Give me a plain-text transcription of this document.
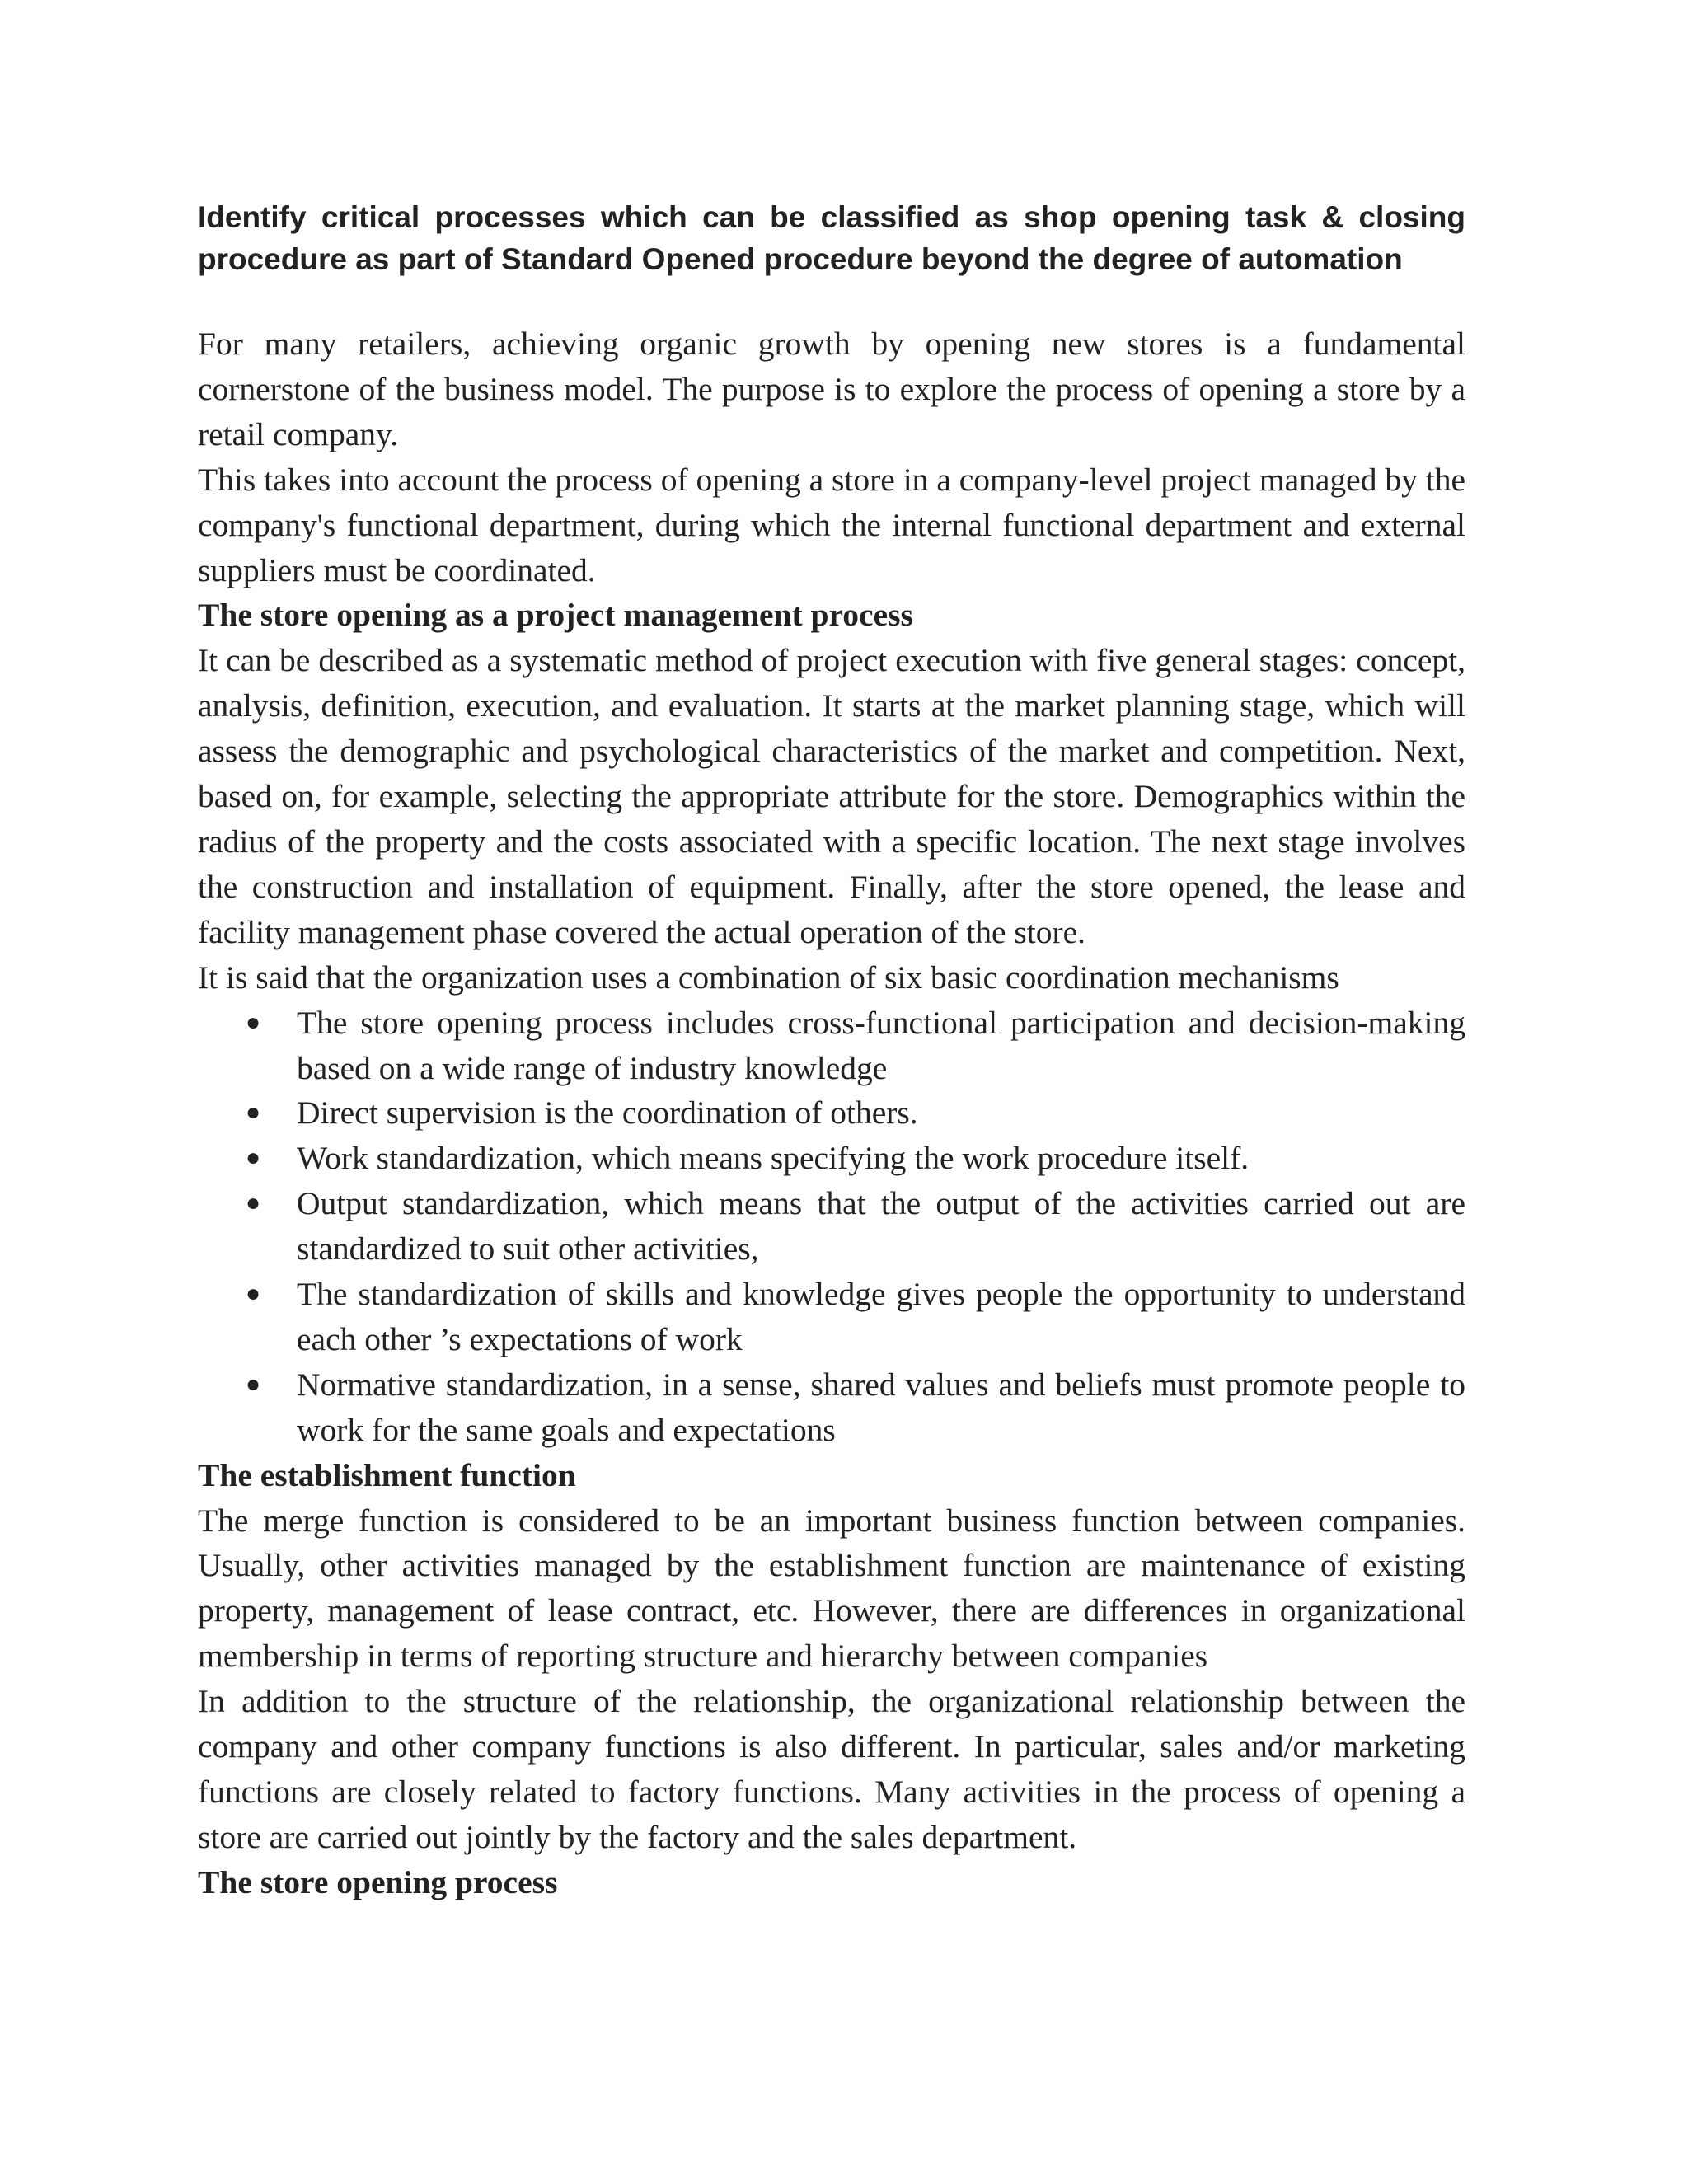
Identify critical processes which can be classified as shop opening task & closing procedure as part of Standard Opened procedure beyond the degree of automation

For many retailers, achieving organic growth by opening new stores is a fundamental cornerstone of the business model. The purpose is to explore the process of opening a store by a retail company.

This takes into account the process of opening a store in a company-level project managed by the company's functional department, during which the internal functional department and external suppliers must be coordinated.

The store opening as a project management process

It can be described as a systematic method of project execution with five general stages: concept, analysis, definition, execution, and evaluation. It starts at the market planning stage, which will assess the demographic and psychological characteristics of the market and competition. Next, based on, for example, selecting the appropriate attribute for the store. Demographics within the radius of the property and the costs associated with a specific location. The next stage involves the construction and installation of equipment. Finally, after the store opened, the lease and facility management phase covered the actual operation of the store.

It is said that the organization uses a combination of six basic coordination mechanisms

● The store opening process includes cross-functional participation and decision-making based on a wide range of industry knowledge
● Direct supervision is the coordination of others.
● Work standardization, which means specifying the work procedure itself.
● Output standardization, which means that the output of the activities carried out are standardized to suit other activities,
● The standardization of skills and knowledge gives people the opportunity to understand each other ’s expectations of work
● Normative standardization, in a sense, shared values and beliefs must promote people to work for the same goals and expectations
The establishment function

The merge function is considered to be an important business function between companies. Usually, other activities managed by the establishment function are maintenance of existing property, management of lease contract, etc. However, there are differences in organizational membership in terms of reporting structure and hierarchy between companies

In addition to the structure of the relationship, the organizational relationship between the company and other company functions is also different. In particular, sales and/or marketing functions are closely related to factory functions. Many activities in the process of opening a store are carried out jointly by the factory and the sales department.

The store opening process
